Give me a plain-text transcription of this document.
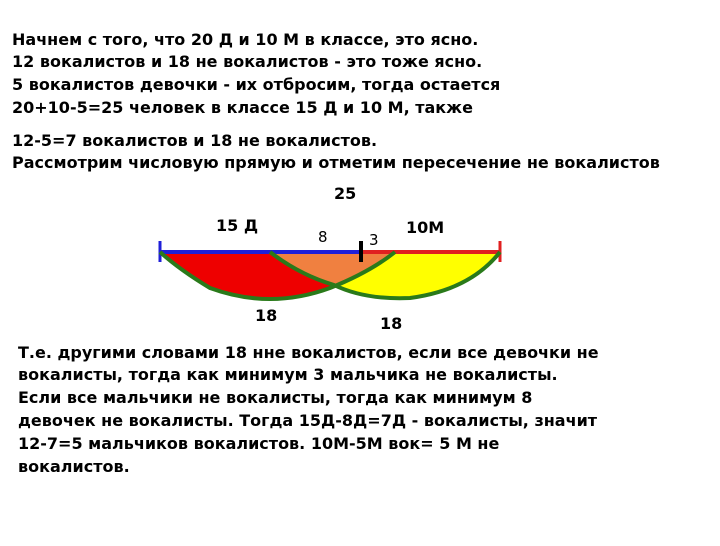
Начнем с того, что 20 Д и 10 М в классе, это ясно.
12 вокалистов и 18 не вокалистов - это тоже ясно.
5 вокалистов девочки - их отбросим, тогда остается
20+10-5=25 человек в классе 15 Д и 10 М, также
12-5=7 вокалистов и 18 не вокалистов.
Рассмотрим числовую прямую и отметим пересечение не вокалистов
25
15 Д	10М
8	3
18	18
Т.е. другими словами 18 нне вокалистов, если все девочки не
вокалисты, тогда как минимум 3 мальчика не вокалисты.
Если все мальчики не вокалисты, тогда как минимум 8
девочек не вокалисты. Тогда 15Д-8Д=7Д - вокалисты, значит
12-7=5 мальчиков вокалистов. 10М-5М вок= 5 М не
вокалистов.
